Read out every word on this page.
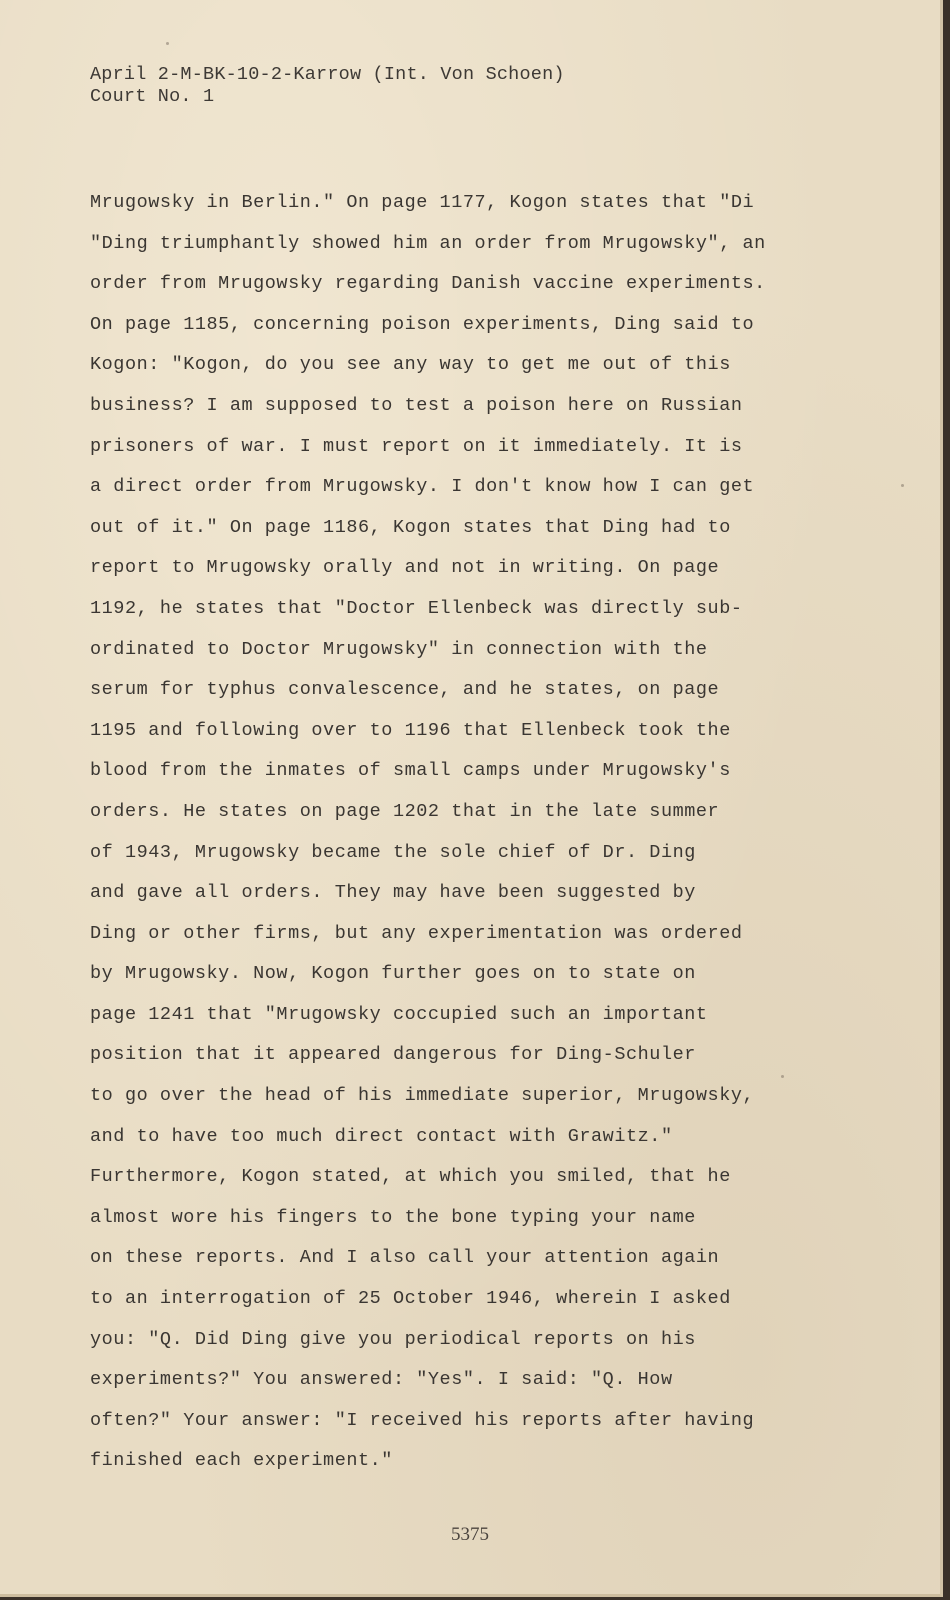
April 2-M-BK-10-2-Karrow (Int. Von Schoen)
Court No. 1
Mrugowsky in Berlin." On page 1177, Kogon states that "Di
"Ding triumphantly showed him an order from Mrugowsky", an
order from Mrugowsky regarding Danish vaccine experiments.
On page 1185, concerning poison experiments, Ding said to
Kogon: "Kogon, do you see any way to get me out of this
business? I am supposed to test a poison here on Russian
prisoners of war. I must report on it immediately. It is
a direct order from Mrugowsky. I don't know how I can get
out of it." On page 1186, Kogon states that Ding had to
report to Mrugowsky orally and not in writing. On page
1192, he states that "Doctor Ellenbeck was directly sub-
ordinated to Doctor Mrugowsky" in connection with the
serum for typhus convalescence, and he states, on page
1195 and following over to 1196 that Ellenbeck took the
blood from the inmates of small camps under Mrugowsky's
orders. He states on page 1202 that in the late summer
of 1943, Mrugowsky became the sole chief of Dr. Ding
and gave all orders. They may have been suggested by
Ding or other firms, but any experimentation was ordered
by Mrugowsky. Now, Kogon further goes on to state on
page 1241 that "Mrugowsky coccupied such an important
position that it appeared dangerous for Ding-Schuler
to go over the head of his immediate superior, Mrugowsky,
and to have too much direct contact with Grawitz."
Furthermore, Kogon stated, at which you smiled, that he
almost wore his fingers to the bone typing your name
on these reports. And I also call your attention again
to an interrogation of 25 October 1946, wherein I asked
you: "Q. Did Ding give you periodical reports on his
experiments?" You answered: "Yes". I said: "Q. How
often?" Your answer: "I received his reports after having
finished each experiment."
5375
